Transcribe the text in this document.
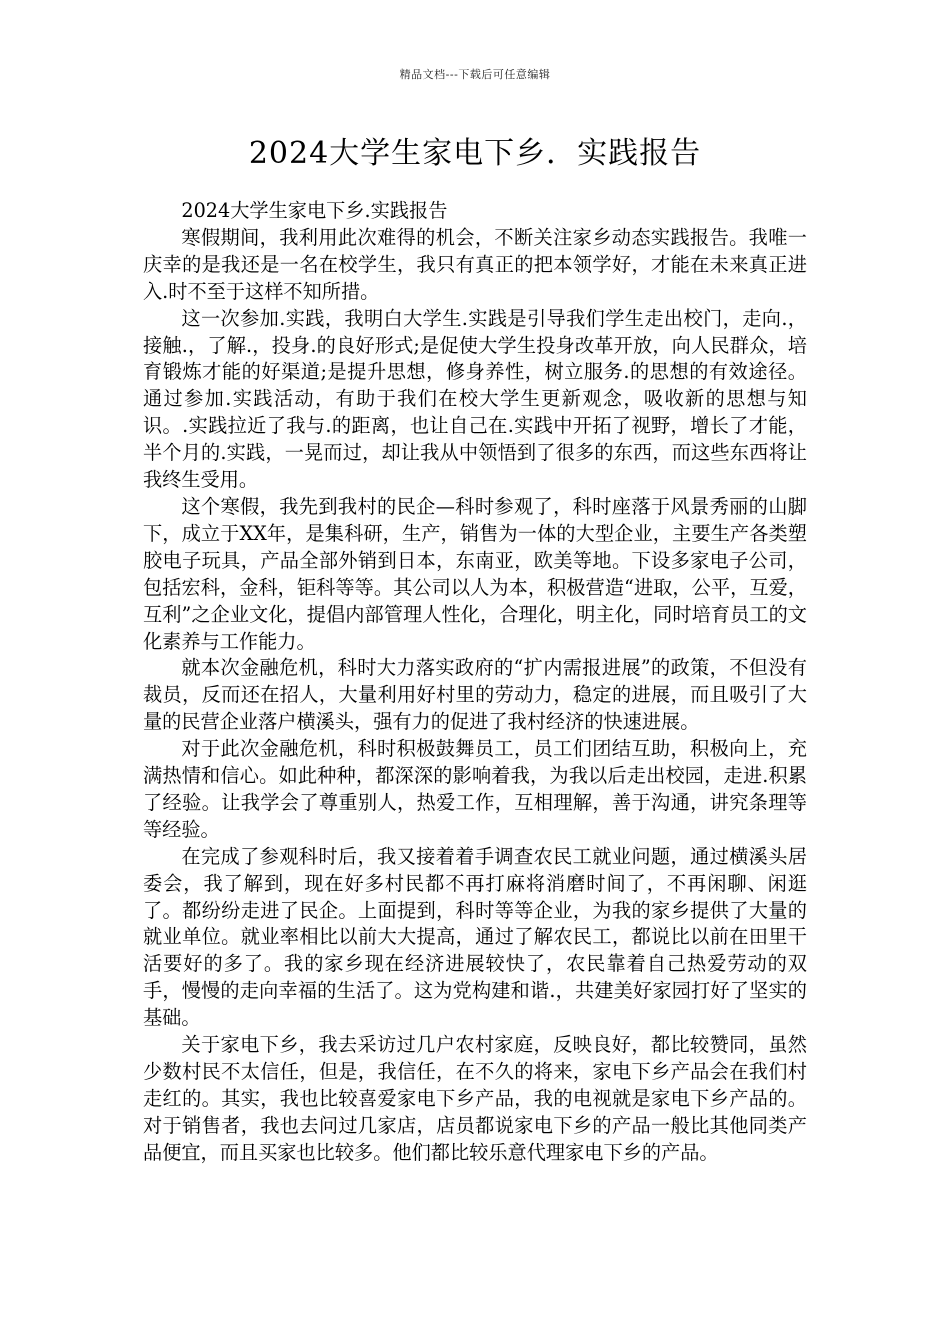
精品文档---下载后可任意编辑
2024大学生家电下乡．实践报告

2024大学生家电下乡.实践报告

寒假期间，我利用此次难得的机会，不断关注家乡动态实践报告。我唯一庆幸的是我还是一名在校学生，我只有真正的把本领学好，才能在未来真正进入.时不至于这样不知所措。

这一次参加.实践，我明白大学生.实践是引导我们学生走出校门，走向.，接触.，了解.，投身.的良好形式;是促使大学生投身改革开放，向人民群众，培育锻炼才能的好渠道;是提升思想，修身养性，树立服务.的思想的有效途径。通过参加.实践活动，有助于我们在校大学生更新观念，吸收新的思想与知识。.实践拉近了我与.的距离，也让自己在.实践中开拓了视野，增长了才能，半个月的.实践，一晃而过，却让我从中领悟到了很多的东西，而这些东西将让我终生受用。

这个寒假，我先到我村的民企—科时参观了，科时座落于风景秀丽的山脚下，成立于XX年，是集科研，生产，销售为一体的大型企业，主要生产各类塑胶电子玩具，产品全部外销到日本，东南亚，欧美等地。下设多家电子公司，包括宏科，金科，钜科等等。其公司以人为本，积极营造“进取，公平，互爱，互利”之企业文化，提倡内部管理人性化，合理化，明主化，同时培育员工的文化素养与工作能力。

就本次金融危机，科时大力落实政府的“扩内需报进展”的政策，不但没有裁员，反而还在招人，大量利用好村里的劳动力，稳定的进展，而且吸引了大量的民营企业落户横溪头，强有力的促进了我村经济的快速进展。

对于此次金融危机，科时积极鼓舞员工，员工们团结互助，积极向上，充满热情和信心。如此种种，都深深的影响着我，为我以后走出校园，走进.积累了经验。让我学会了尊重别人，热爱工作，互相理解，善于沟通，讲究条理等等经验。

在完成了参观科时后，我又接着着手调查农民工就业问题，通过横溪头居委会，我了解到，现在好多村民都不再打麻将消磨时间了，不再闲聊、闲逛了。都纷纷走进了民企。上面提到，科时等等企业，为我的家乡提供了大量的就业单位。就业率相比以前大大提高，通过了解农民工，都说比以前在田里干活要好的多了。我的家乡现在经济进展较快了，农民靠着自己热爱劳动的双手，慢慢的走向幸福的生活了。这为党构建和谐.，共建美好家园打好了坚实的基础。

关于家电下乡，我去采访过几户农村家庭，反映良好，都比较赞同，虽然少数村民不太信任，但是，我信任，在不久的将来，家电下乡产品会在我们村走红的。其实，我也比较喜爱家电下乡产品，我的电视就是家电下乡产品的。对于销售者，我也去问过几家店，店员都说家电下乡的产品一般比其他同类产品便宜，而且买家也比较多。他们都比较乐意代理家电下乡的产品。
